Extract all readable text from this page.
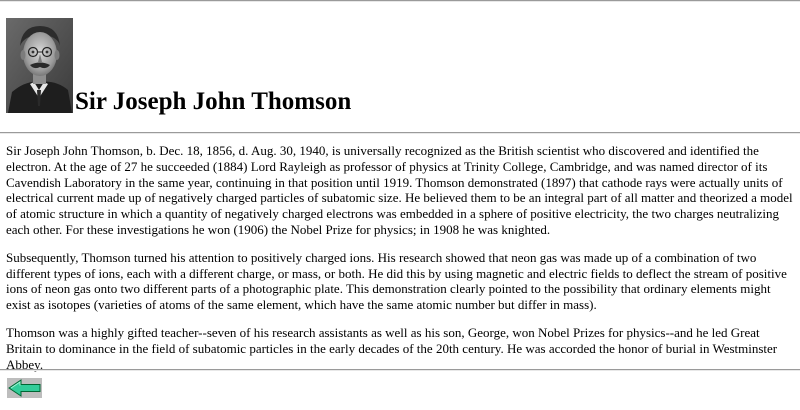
Sir Joseph John Thomson

Sir Joseph John Thomson, b. Dec. 18, 1856, d. Aug. 30, 1940, is universally recognized as the British scientist who discovered and identified the electron. At the age of 27 he succeeded (1884) Lord Rayleigh as professor of physics at Trinity College, Cambridge, and was named director of its Cavendish Laboratory in the same year, continuing in that position until 1919. Thomson demonstrated (1897) that cathode rays were actually units of electrical current made up of negatively charged particles of subatomic size. He believed them to be an integral part of all matter and theorized a model of atomic structure in which a quantity of negatively charged electrons was embedded in a sphere of positive electricity, the two charges neutralizing each other. For these investigations he won (1906) the Nobel Prize for physics; in 1908 he was knighted.

Subsequently, Thomson turned his attention to positively charged ions. His research showed that neon gas was made up of a combination of two different types of ions, each with a different charge, or mass, or both. He did this by using magnetic and electric fields to deflect the stream of positive ions of neon gas onto two different parts of a photographic plate. This demonstration clearly pointed to the possibility that ordinary elements might exist as isotopes (varieties of atoms of the same element, which have the same atomic number but differ in mass).

Thomson was a highly gifted teacher--seven of his research assistants as well as his son, George, won Nobel Prizes for physics--and he led Great Britain to dominance in the field of subatomic particles in the early decades of the 20th century. He was accorded the honor of burial in Westminster Abbey.
